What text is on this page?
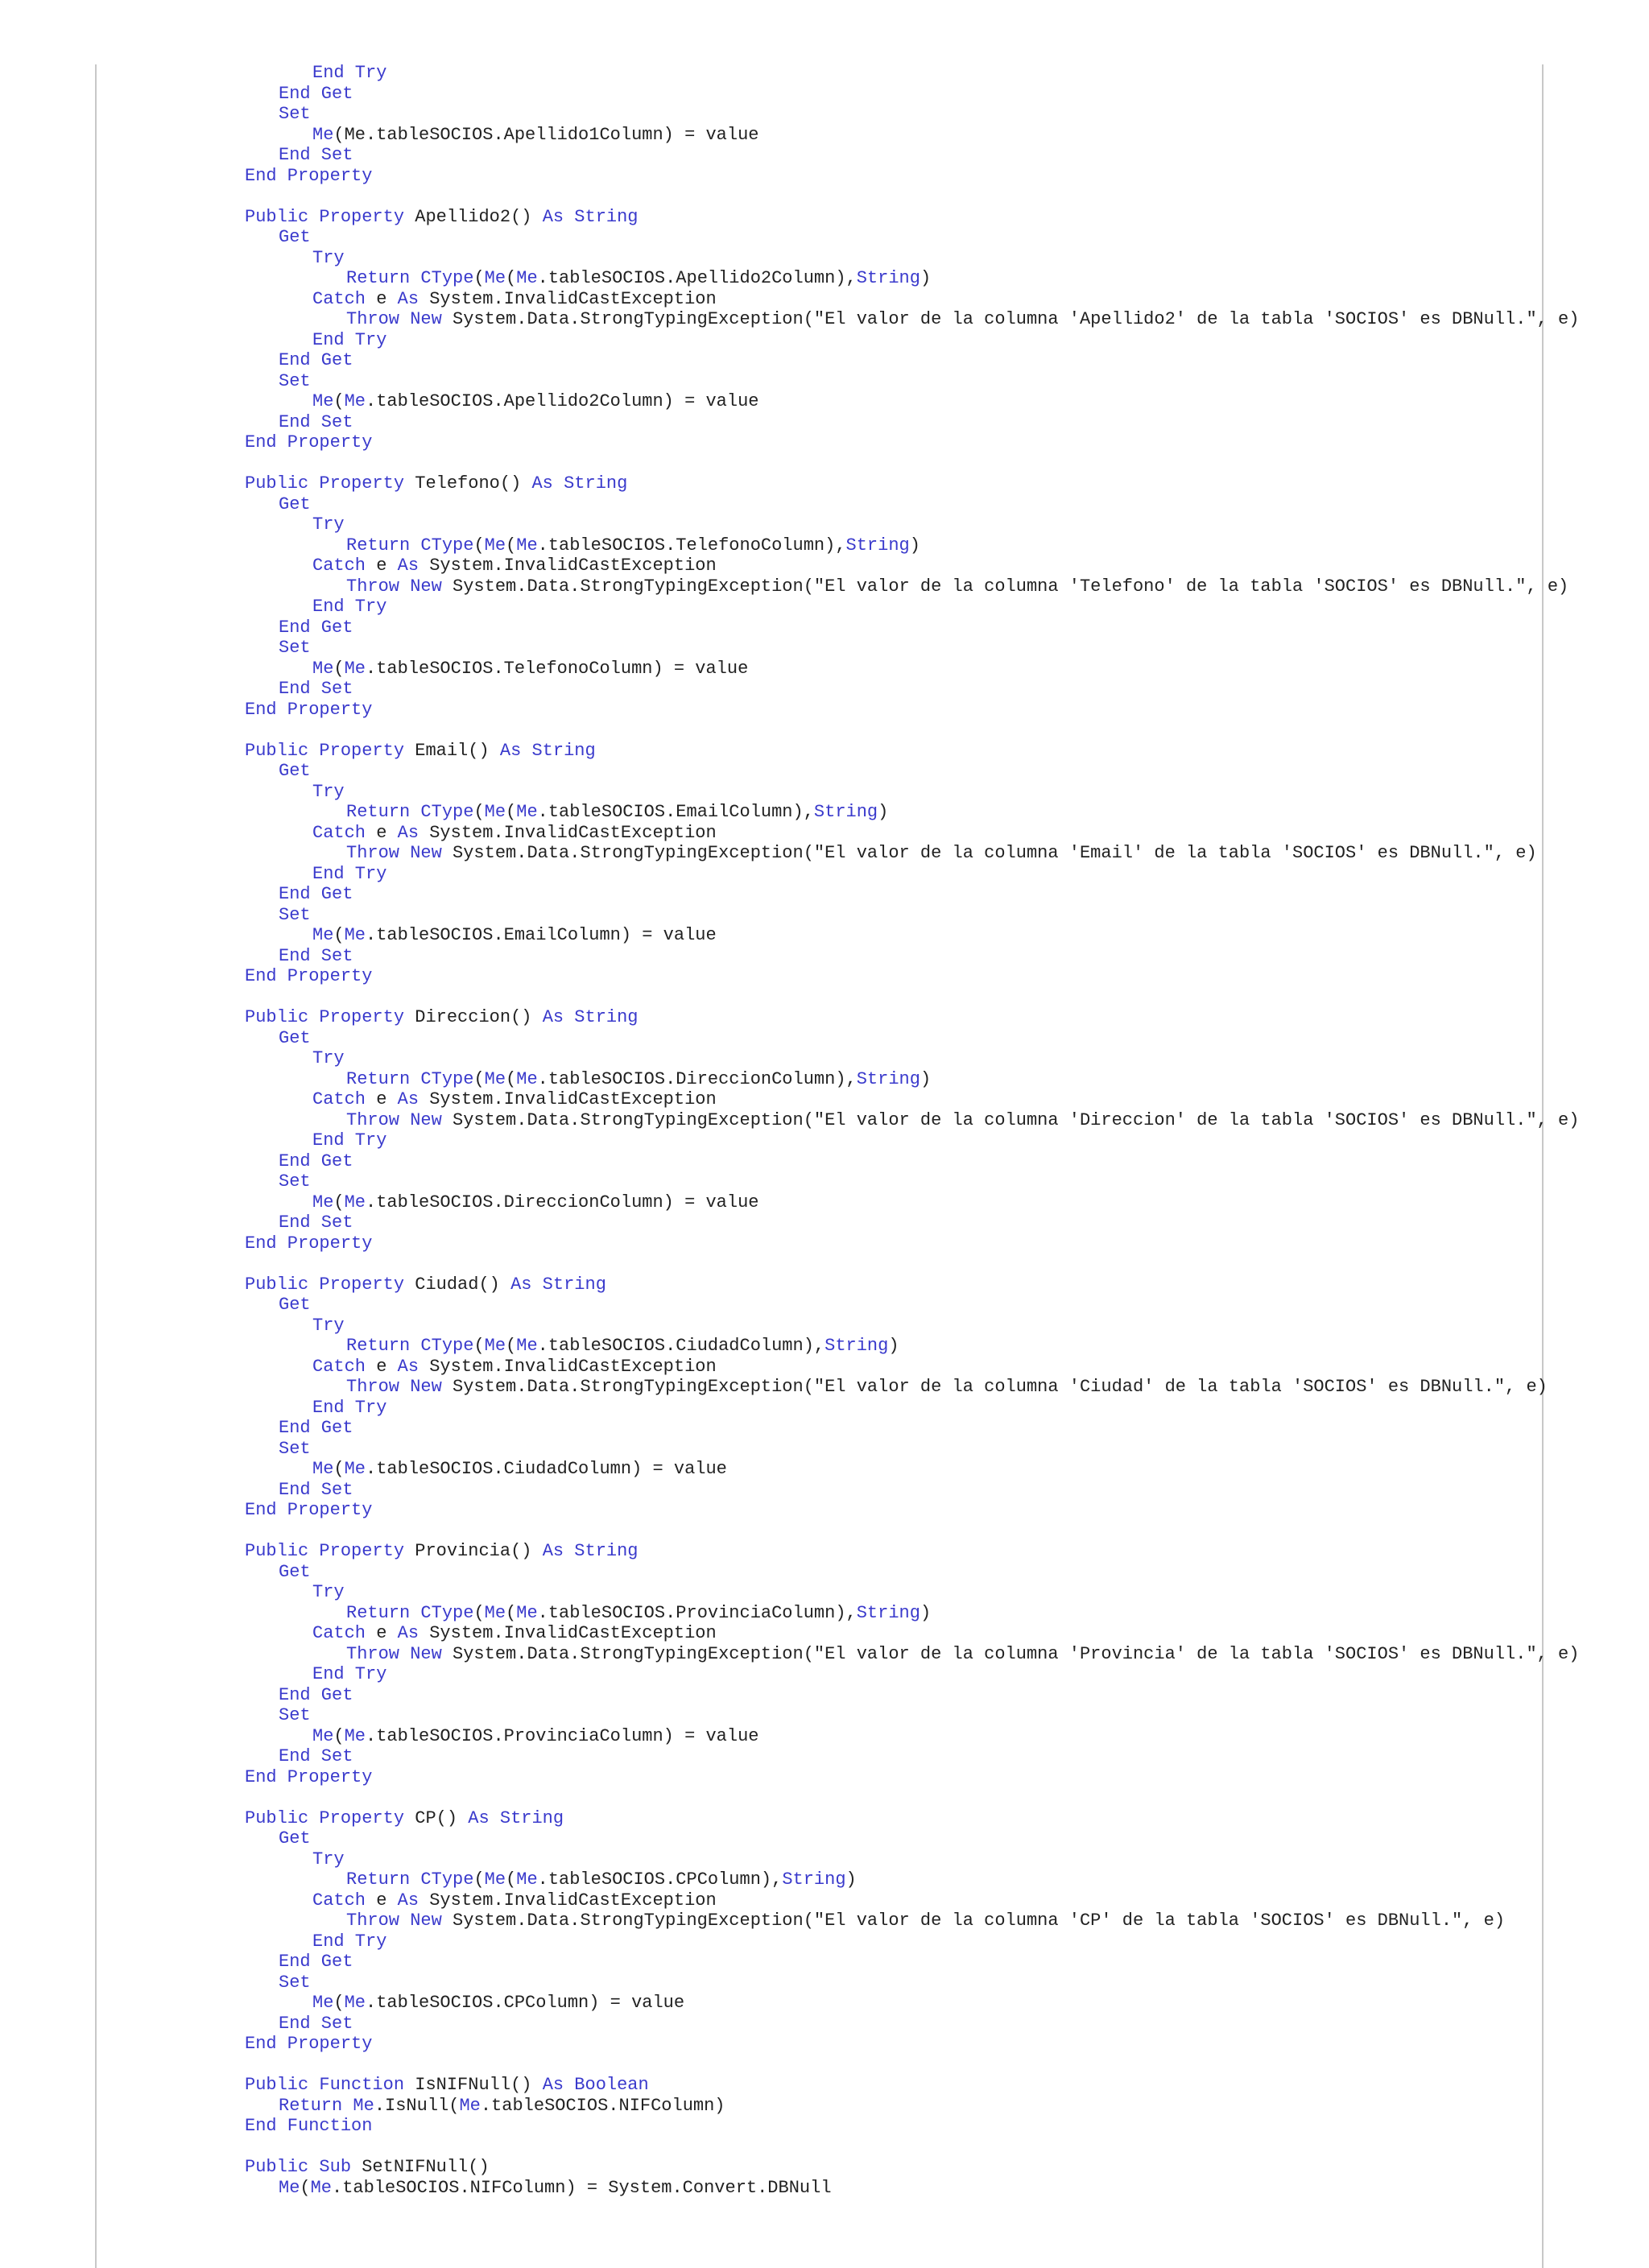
End Try
End Get
Set
Me(Me.tableSOCIOS.Apellido1Column) = value
End Set
End Property
Public Property Apellido2() As String
Get
Try
Return CType(Me(Me.tableSOCIOS.Apellido2Column),String)
Catch e As System.InvalidCastException
Throw New System.Data.StrongTypingException("El valor de la columna 'Apellido2' de la tabla 'SOCIOS' es DBNull.", e)
End Try
End Get
Set
Me(Me.tableSOCIOS.Apellido2Column) = value
End Set
End Property
Public Property Telefono() As String
Get
Try
Return CType(Me(Me.tableSOCIOS.TelefonoColumn),String)
Catch e As System.InvalidCastException
Throw New System.Data.StrongTypingException("El valor de la columna 'Telefono' de la tabla 'SOCIOS' es DBNull.", e)
End Try
End Get
Set
Me(Me.tableSOCIOS.TelefonoColumn) = value
End Set
End Property
Public Property Email() As String
Get
Try
Return CType(Me(Me.tableSOCIOS.EmailColumn),String)
Catch e As System.InvalidCastException
Throw New System.Data.StrongTypingException("El valor de la columna 'Email' de la tabla 'SOCIOS' es DBNull.", e)
End Try
End Get
Set
Me(Me.tableSOCIOS.EmailColumn) = value
End Set
End Property
Public Property Direccion() As String
Get
Try
Return CType(Me(Me.tableSOCIOS.DireccionColumn),String)
Catch e As System.InvalidCastException
Throw New System.Data.StrongTypingException("El valor de la columna 'Direccion' de la tabla 'SOCIOS' es DBNull.", e)
End Try
End Get
Set
Me(Me.tableSOCIOS.DireccionColumn) = value
End Set
End Property
Public Property Ciudad() As String
Get
Try
Return CType(Me(Me.tableSOCIOS.CiudadColumn),String)
Catch e As System.InvalidCastException
Throw New System.Data.StrongTypingException("El valor de la columna 'Ciudad' de la tabla 'SOCIOS' es DBNull.", e)
End Try
End Get
Set
Me(Me.tableSOCIOS.CiudadColumn) = value
End Set
End Property
Public Property Provincia() As String
Get
Try
Return CType(Me(Me.tableSOCIOS.ProvinciaColumn),String)
Catch e As System.InvalidCastException
Throw New System.Data.StrongTypingException("El valor de la columna 'Provincia' de la tabla 'SOCIOS' es DBNull.", e)
End Try
End Get
Set
Me(Me.tableSOCIOS.ProvinciaColumn) = value
End Set
End Property
Public Property CP() As String
Get
Try
Return CType(Me(Me.tableSOCIOS.CPColumn),String)
Catch e As System.InvalidCastException
Throw New System.Data.StrongTypingException("El valor de la columna 'CP' de la tabla 'SOCIOS' es DBNull.", e)
End Try
End Get
Set
Me(Me.tableSOCIOS.CPColumn) = value
End Set
End Property
Public Function IsNIFNull() As Boolean
Return Me.IsNull(Me.tableSOCIOS.NIFColumn)
End Function
Public Sub SetNIFNull()
Me(Me.tableSOCIOS.NIFColumn) = System.Convert.DBNull
